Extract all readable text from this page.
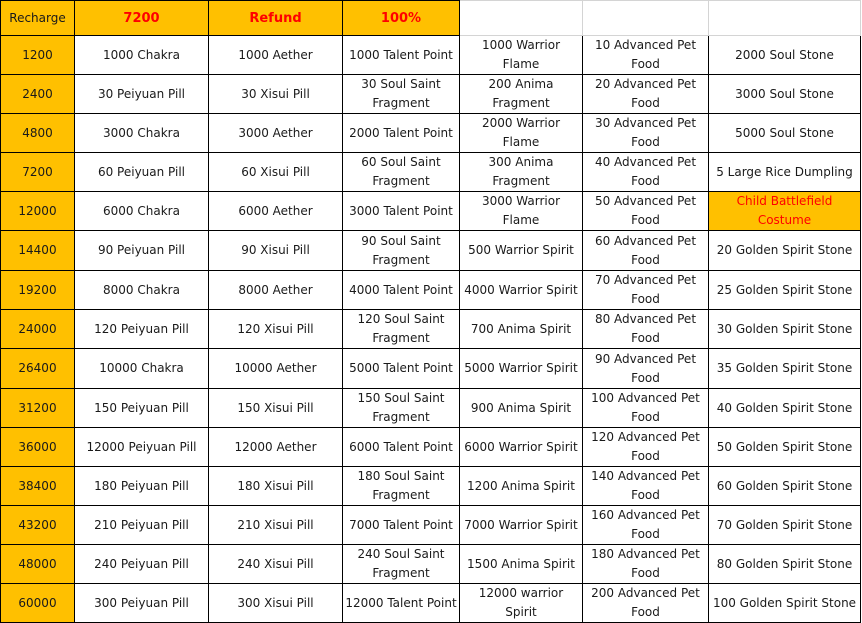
Recharge	7200	Refund	100%			
1200	1000 Chakra	1000 Aether	1000 Talent Point	1000 Warrior Flame	10 Advanced Pet Food	2000 Soul Stone
2400	30 Peiyuan Pill	30 Xisui Pill	30 Soul Saint Fragment	200 Anima Fragment	20 Advanced Pet Food	3000 Soul Stone
4800	3000 Chakra	3000 Aether	2000 Talent Point	2000 Warrior Flame	30 Advanced Pet Food	5000 Soul Stone
7200	60 Peiyuan Pill	60 Xisui Pill	60 Soul Saint Fragment	300 Anima Fragment	40 Advanced Pet Food	5 Large Rice Dumpling
12000	6000 Chakra	6000 Aether	3000 Talent Point	3000 Warrior Flame	50 Advanced Pet Food	Child Battlefield Costume
14400	90 Peiyuan Pill	90 Xisui Pill	90 Soul Saint Fragment	500 Warrior Spirit	60 Advanced Pet Food	20 Golden Spirit Stone
19200	8000 Chakra	8000 Aether	4000 Talent Point	4000 Warrior Spirit	70 Advanced Pet Food	25 Golden Spirit Stone
24000	120 Peiyuan Pill	120 Xisui Pill	120 Soul Saint Fragment	700 Anima Spirit	80 Advanced Pet Food	30 Golden Spirit Stone
26400	10000 Chakra	10000 Aether	5000 Talent Point	5000 Warrior Spirit	90 Advanced Pet Food	35 Golden Spirit Stone
31200	150 Peiyuan Pill	150 Xisui Pill	150 Soul Saint Fragment	900 Anima Spirit	100 Advanced Pet Food	40 Golden Spirit Stone
36000	12000 Peiyuan Pill	12000 Aether	6000 Talent Point	6000 Warrior Spirit	120 Advanced Pet Food	50 Golden Spirit Stone
38400	180 Peiyuan Pill	180 Xisui Pill	180 Soul Saint Fragment	1200 Anima Spirit	140 Advanced Pet Food	60 Golden Spirit Stone
43200	210 Peiyuan Pill	210 Xisui Pill	7000 Talent Point	7000 Warrior Spirit	160 Advanced Pet Food	70 Golden Spirit Stone
48000	240 Peiyuan Pill	240 Xisui Pill	240 Soul Saint Fragment	1500 Anima Spirit	180 Advanced Pet Food	80 Golden Spirit Stone
60000	300 Peiyuan Pill	300 Xisui Pill	12000 Talent Point	12000 warrior Spirit	200 Advanced Pet Food	100 Golden Spirit Stone
